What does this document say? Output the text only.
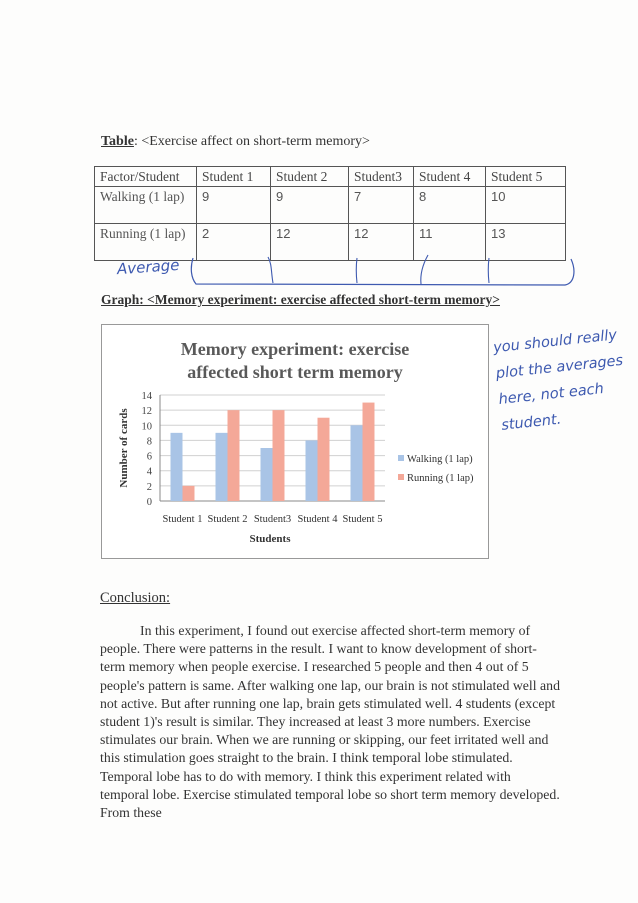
Table: <Exercise affect on short-term memory>
Factor/Student	Student 1	Student 2	Student3	Student 4	Student 5
Walking (1 lap)	9	9	7	8	10
Running (1 lap)	2	12	12	11	13
Average
Graph: <Memory experiment: exercise affected short-term memory>
Memory experiment: exercise
affected short term memory
0
2
4
6
8
10
12
14
Student 1 Student 2 Student3 Student 4 Student 5
Students
Number of cards	Walking (1 lap)
Running (1 lap)
you should really plot the averages here, not each student.
Conclusion:
In this experiment, I found out exercise affected short-term memory of people. There were patterns in the result. I want to know development of short-term memory when people exercise. I researched 5 people and then 4 out of 5 people's pattern is same. After walking one lap, our brain is not stimulated well and not active. But after running one lap, brain gets stimulated well. 4 students (except student 1)'s result is similar. They increased at least 3 more numbers. Exercise stimulates our brain. When we are running or skipping, our feet irritated well and this stimulation goes straight to the brain. I think temporal lobe stimulated. Temporal lobe has to do with memory. I think this experiment related with temporal lobe. Exercise stimulated temporal lobe so short term memory developed. From these
